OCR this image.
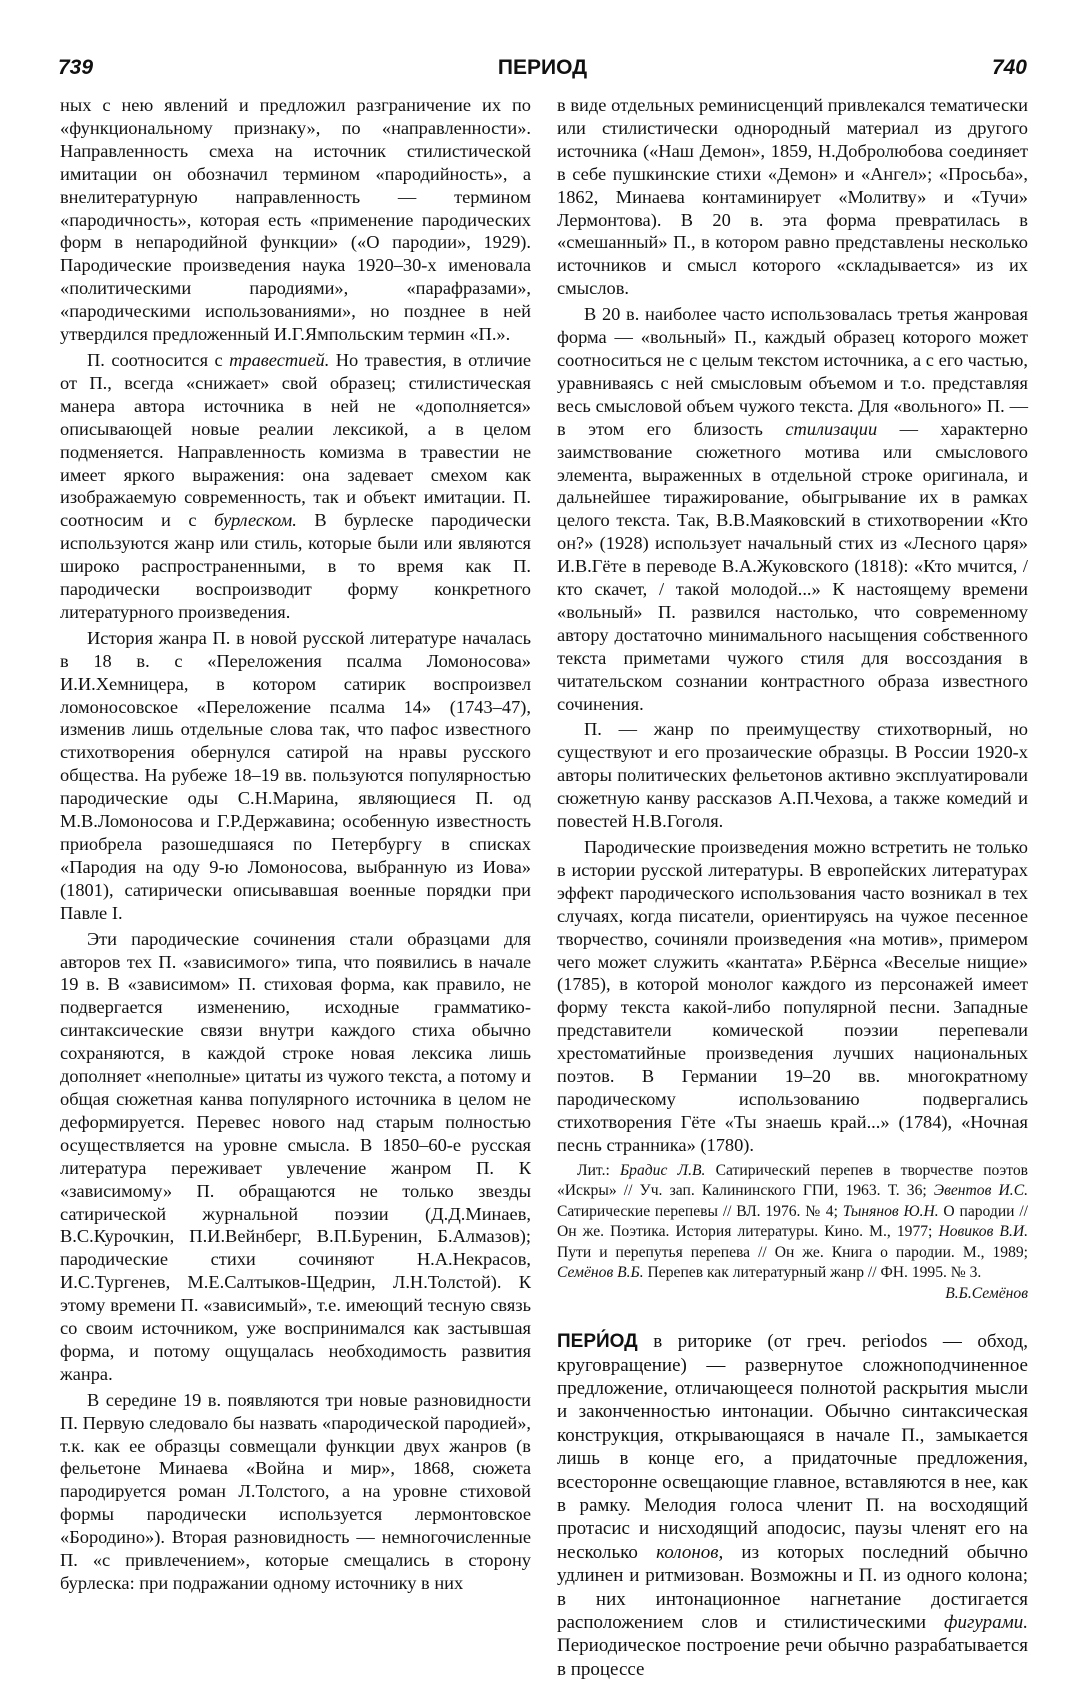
739	ПЕРИОД	740

ных с нею явлений и предложил разграничение их по «функциональному признаку», по «направленности». Направленность смеха на источник стилистической имитации он обозначил термином «пародийность», а внелитературную направленность — термином «пародичность», которая есть «применение пародических форм в непародийной функции» («О пародии», 1929). Пародические произведения наука 1920–30-х именовала «политическими пародиями», «парафразами», «пародическими использованиями», но позднее в ней утвердился предложенный И.Г.Ямпольским термин «П.».

П. соотносится с травестией. Но травестия, в отличие от П., всегда «снижает» свой образец; стилистическая манера автора источника в ней не «дополняется» описывающей новые реалии лексикой, а в целом подменяется. Направленность комизма в травестии не имеет яркого выражения: она задевает смехом как изображаемую современность, так и объект имитации. П. соотносим и с бурлеском. В бурлеске пародически используются жанр или стиль, которые были или являются широко распространенными, в то время как П. пародически воспроизводит форму конкретного литературного произведения.

История жанра П. в новой русской литературе началась в 18 в. с «Переложения псалма Ломоносова» И.И.Хемницера, в котором сатирик воспроизвел ломоносовское «Переложение псалма 14» (1743–47), изменив лишь отдельные слова так, что пафос известного стихотворения обернулся сатирой на нравы русского общества. На рубеже 18–19 вв. пользуются популярностью пародические оды С.Н.Марина, являющиеся П. од М.В.Ломоносова и Г.Р.Державина; особенную известность приобрела разошедшаяся по Петербургу в списках «Пародия на оду 9-ю Ломоносова, выбранную из Иова» (1801), сатирически описывавшая военные порядки при Павле I.

Эти пародические сочинения стали образцами для авторов тех П. «зависимого» типа, что появились в начале 19 в. В «зависимом» П. стиховая форма, как правило, не подвергается изменению, исходные грамматико-синтаксические связи внутри каждого стиха обычно сохраняются, в каждой строке новая лексика лишь дополняет «неполные» цитаты из чужого текста, а потому и общая сюжетная канва популярного источника в целом не деформируется. Перевес нового над старым полностью осуществляется на уровне смысла. В 1850–60-е русская литература переживает увлечение жанром П. К «зависимому» П. обращаются не только звезды сатирической журнальной поэзии (Д.Д.Минаев, В.С.Курочкин, П.И.Вейнберг, В.П.Буренин, Б.Алмазов); пародические стихи сочиняют Н.А.Некрасов, И.С.Тургенев, М.Е.Салтыков-Щедрин, Л.Н.Толстой). К этому времени П. «зависимый», т.е. имеющий тесную связь со своим источником, уже воспринимался как застывшая форма, и потому ощущалась необходимость развития жанра.

В середине 19 в. появляются три новые разновидности П. Первую следовало бы назвать «пародической пародией», т.к. как ее образцы совмещали функции двух жанров (в фельетоне Минаева «Война и мир», 1868, сюжета пародируется роман Л.Толстого, а на уровне стиховой формы пародически используется лермонтовское «Бородино»). Вторая разновидность — немногочисленные П. «с привлечением», которые смещались в сторону бурлеска: при подражании одному источнику в них

в виде отдельных реминисценций привлекался тематически или стилистически однородный материал из другого источника («Наш Демон», 1859, Н.Добролюбова соединяет в себе пушкинские стихи «Демон» и «Ангел»; «Просьба», 1862, Минаева контаминирует «Молитву» и «Тучи» Лермонтова). В 20 в. эта форма превратилась в «смешанный» П., в котором равно представлены несколько источников и смысл которого «складывается» из их смыслов.

В 20 в. наиболее часто использовалась третья жанровая форма — «вольный» П., каждый образец которого может соотноситься не с целым текстом источника, а с его частью, уравниваясь с ней смысловым объемом и т.о. представляя весь смысловой объем чужого текста. Для «вольного» П. — в этом его близость стилизации — характерно заимствование сюжетного мотива или смыслового элемента, выраженных в отдельной строке оригинала, и дальнейшее тиражирование, обыгрывание их в рамках целого текста. Так, В.В.Маяковский в стихотворении «Кто он?» (1928) использует начальный стих из «Лесного царя» И.В.Гёте в переводе В.А.Жуковского (1818): «Кто мчится, / кто скачет, / такой молодой...» К настоящему времени «вольный» П. развился настолько, что современному автору достаточно минимального насыщения собственного текста приметами чужого стиля для воссоздания в читательском сознании контрастного образа известного сочинения.

П. — жанр по преимуществу стихотворный, но существуют и его прозаические образцы. В России 1920-х авторы политических фельетонов активно эксплуатировали сюжетную канву рассказов А.П.Чехова, а также комедий и повестей Н.В.Гоголя.

Пародические произведения можно встретить не только в истории русской литературы. В европейских литературах эффект пародического использования часто возникал в тех случаях, когда писатели, ориентируясь на чужое песенное творчество, сочиняли произведения «на мотив», примером чего может служить «кантата» Р.Бёрнса «Веселые нищие» (1785), в которой монолог каждого из персонажей имеет форму текста какой-либо популярной песни. Западные представители комической поэзии перепевали хрестоматийные произведения лучших национальных поэтов. В Германии 19–20 вв. многократному пародическому использованию подвергались стихотворения Гёте «Ты знаешь край...» (1784), «Ночная песнь странника» (1780).

Лит.: Брадис Л.В. Сатирический перепев в творчестве поэтов «Искры» // Уч. зап. Калининского ГПИ, 1963. Т. 36; Эвентов И.С. Сатирические перепевы // ВЛ. 1976. № 4; Тынянов Ю.Н. О пародии // Он же. Поэтика. История литературы. Кино. М., 1977; Новиков В.И. Пути и перепутья перепева // Он же. Книга о пародии. М., 1989; Семёнов В.Б. Перепев как литературный жанр // ФН. 1995. № 3.
В.Б.Семёнов

ПЕРИ́ОД в риторике (от греч. periodos — обход, круговращение) — развернутое сложноподчиненное предложение, отличающееся полнотой раскрытия мысли и законченностью интонации. Обычно синтаксическая конструкция, открывающаяся в начале П., замыкается лишь в конце его, а придаточные предложения, всесторонне освещающие главное, вставляются в нее, как в рамку. Мелодия голоса членит П. на восходящий протасис и нисходящий аподосис, паузы членят его на несколько колонов, из которых последний обычно удлинен и ритмизован. Возможны и П. из одного колона; в них интонационное нагнетание достигается расположением слов и стилистическими фигурами. Периодическое построение речи обычно разрабатывается в процессе
